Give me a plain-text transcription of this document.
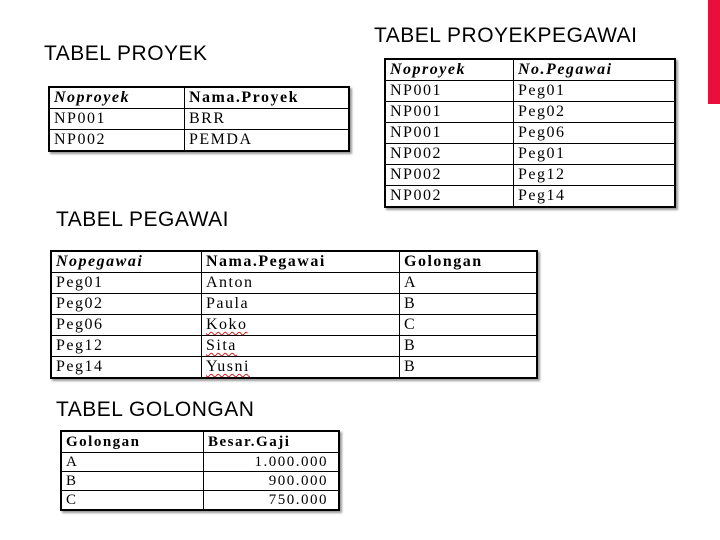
TABEL PROYEK
Noproyek	Nama.Proyek
NP001	BRR
NP002	PEMDA
TABEL PROYEKPEGAWAI
Noproyek	No.Pegawai
NP001	Peg01
NP001	Peg02
NP001	Peg06
NP002	Peg01
NP002	Peg12
NP002	Peg14
TABEL PEGAWAI
Nopegawai	Nama.Pegawai	Golongan
Peg01	Anton	A
Peg02	Paula	B
Peg06	Koko	C
Peg12	Sita	B
Peg14	Yusni	B
TABEL GOLONGAN
Golongan	Besar.Gaji
A	1.000.000
B	900.000
C	750.000
